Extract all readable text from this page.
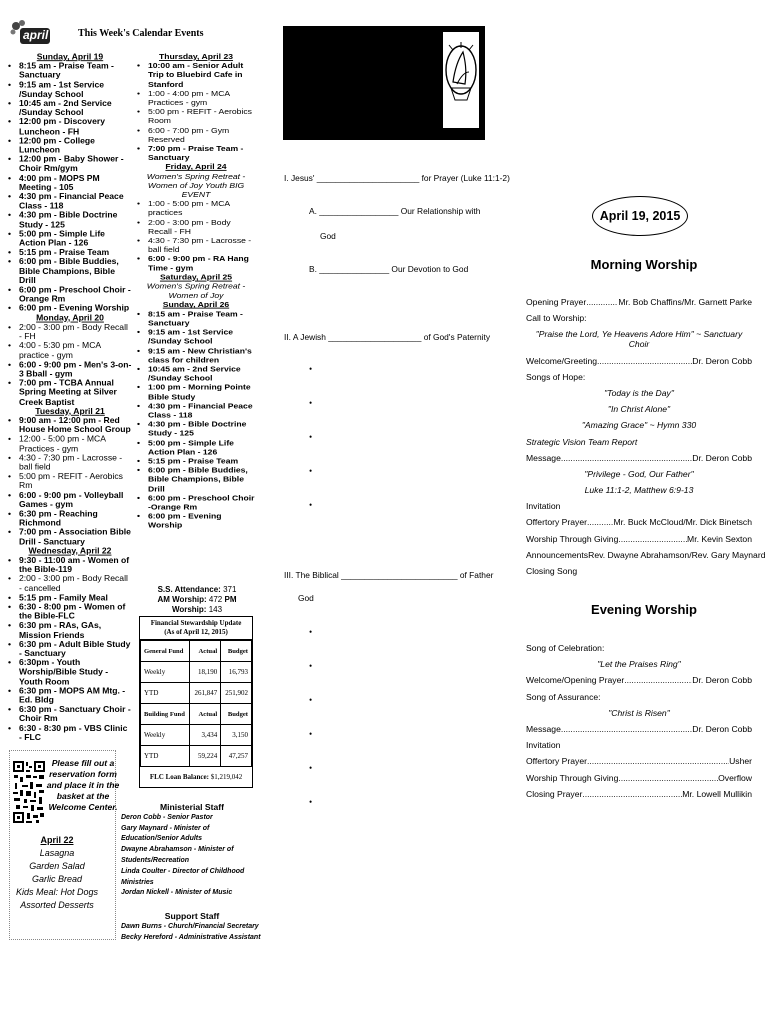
april	This Week's Calendar Events
Sunday, April 19
• 8:15 am - Praise Team - Sanctuary
• 9:15 am - 1st Service /Sunday School
• 10:45 am - 2nd Service /Sunday School
• 12:00 pm - Discovery Luncheon - FH
• 12:00 pm - College Luncheon
• 12:00 pm - Baby Shower - Choir Rm/gym
• 4:00 pm - MOPS PM Meeting - 105
• 4:30 pm - Financial Peace Class - 118
• 4:30 pm - Bible Doctrine Study - 125
• 5:00 pm - Simple Life Action Plan - 126
• 5:15 pm - Praise Team
• 6:00 pm - Bible Buddies, Bible Champions, Bible Drill
• 6:00 pm - Preschool Choir -Orange Rm
• 6:00 pm - Evening Worship
Monday, April 20
• 2:00 - 3:00 pm - Body Recall - FH
• 4:00 - 5:30 pm - MCA practice - gym
• 6:00 - 9:00 pm - Men's 3-on-3 Bball - gym
• 7:00 pm - TCBA Annual Spring Meeting at Silver Creek Baptist
Tuesday, April 21
• 9:00 am - 12:00 pm - Red House Home School Group
• 12:00 - 5:00 pm - MCA Practices - gym
• 4:30 - 7:30 pm - Lacrosse - ball field
• 5:00 pm - REFIT - Aerobics Rm
• 6:00 - 9:00 pm - Volleyball Games - gym
• 6:30 pm - Reaching Richmond
• 7:00 pm - Association Bible Drill - Sanctuary
Wednesday, April 22
• 9:30 - 11:00 am - Women of the Bible-119
• 2:00 - 3:00 pm - Body Recall - cancelled
• 5:15 pm - Family Meal
• 6:30 - 8:00 pm - Women of the Bible-FLC
• 6:30 pm - RAs, GAs, Mission Friends
• 6:30 pm - Adult Bible Study - Sanctuary
• 6:30pm - Youth Worship/Bible Study - Youth Room
• 6:30 pm - MOPS AM Mtg. - Ed. Bldg
• 6:30 pm - Sanctuary Choir - Choir Rm
• 6:30 - 8:30 pm - VBS Clinic - FLC
Thursday, April 23
• 10:00 am - Senior Adult Trip to Bluebird Cafe in Stanford
• 1:00 - 4:00 pm - MCA Practices - gym
• 5:00 pm - REFIT - Aerobics Room
• 6:00 - 7:00 pm - Gym Reserved
• 7:00 pm - Praise Team - Sanctuary
Friday, April 24
Women's Spring Retreat - Women of Joy Youth BIG EVENT
• 1:00 - 5:00 pm - MCA practices
• 2:00 - 3:00 pm - Body Recall - FH
• 4:30 - 7:30 pm - Lacrosse - ball field
• 6:00 - 9:00 pm - RA Hang Time - gym
Saturday, April 25
Women's Spring Retreat - Women of Joy
Sunday, April 26
• 8:15 am - Praise Team - Sanctuary
• 9:15 am - 1st Service /Sunday School
• 9:15 am - New Christian's class for children
• 10:45 am - 2nd Service /Sunday School
• 1:00 pm - Morning Pointe Bible Study
• 4:30 pm - Financial Peace Class - 118
• 4:30 pm - Bible Doctrine Study - 125
• 5:00 pm - Simple Life Action Plan - 126
• 5:15 pm - Praise Team
• 6:00 pm - Bible Buddies, Bible Champions, Bible Drill
• 6:00 pm - Preschool Choir -Orange Rm
• 6:00 pm - Evening Worship
S.S. Attendance: 371
AM Worship: 472 PM Worship: 143
Financial Stewardship Update
(As of April 12, 2015)
General Fund	Actual	Budget
Weekly	18,190	16,793
YTD	261,847	251,902
Building Fund	Actual	Budget
Weekly	3,434	3,150
YTD	59,224	47,257
FLC Loan Balance: $1,219,042
Ministerial Staff
Deron Cobb - Senior Pastor
Gary Maynard - Minister of Education/Senior Adults
Dwayne Abrahamson - Minister of Students/Recreation
Linda Coulter - Director of Childhood Ministries
Jordan Nickell - Minister of Music
Support Staff
Dawn Burns - Church/Financial Secretary
Becky Hereford - Administrative Assistant
Please fill out a reservation form and place it in the basket at the Welcome Center.
April 22
Lasagna
Garden Salad
Garlic Bread
Kids Meal: Hot Dogs
Assorted Desserts
Sunday, April 19, 2015 Morning Worship
Dr. Deron Cobb
Series: Jesus Teach Us to Pray
#1—" Privilege - God, Our Father"
Text: Luke 11:1-2, Matthew 6:9-13
I. Jesus' ______________________ for Prayer (Luke 11:1-2)
A. _________________ Our Relationship with
God
B. _______________ Our Devotion to God
II. A Jewish ____________________ of God's Paternity
•
•
•
•
•
III. The Biblical _________________________ of Father
God
•
•
•
•
•
•
April 19, 2015
Morning Worship
Opening Prayer .....	Mr. Bob Chaffins/Mr. Garnett Parke
Call to Worship:
"Praise the Lord, Ye Heavens Adore Him" ~ Sanctuary Choir
Welcome/Greeting .....	Dr. Deron Cobb
Songs of Hope:
"Today is the Day"
"In Christ Alone"
"Amazing Grace" ~ Hymn 330
Strategic Vision Team Report
Message .....	Dr. Deron Cobb
"Privilege - God, Our Father"
Luke 11:1-2, Matthew 6:9-13
Invitation
Offertory Prayer .....	Mr. Buck McCloud/Mr. Dick Binetsch
Worship Through Giving .....	Mr. Kevin Sexton
Announcements Rev. Dwayne Abrahamson/Rev. Gary Maynard
Closing Song
Evening Worship
Song of Celebration:
"Let the Praises Ring"
Welcome/Opening Prayer .....	Dr. Deron Cobb
Song of Assurance:
"Christ is Risen"
Message .....	Dr. Deron Cobb
Invitation
Offertory Prayer .....	Usher
Worship Through Giving .....	Overflow
Closing Prayer .....	Mr. Lowell Mullikin
